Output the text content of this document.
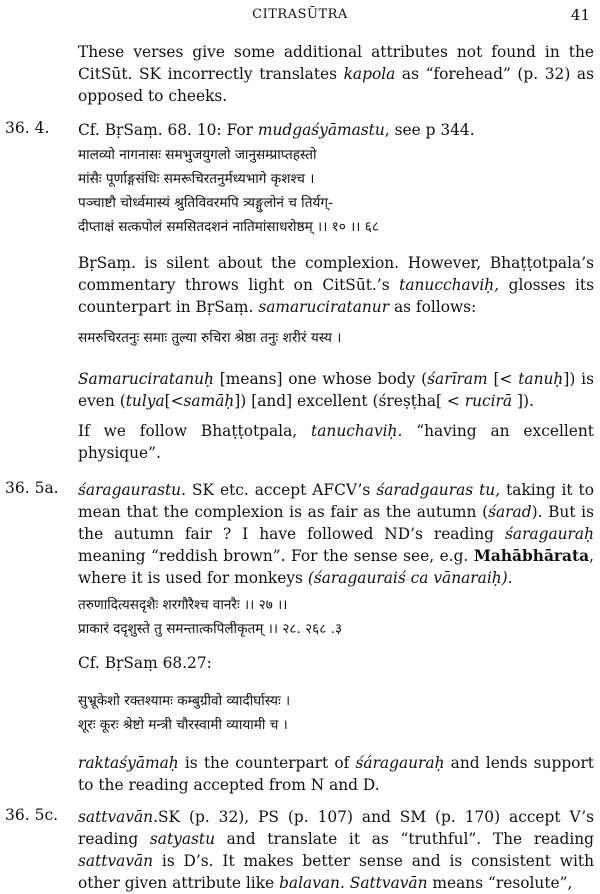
CITRASŪTRA	41

These verses give some additional attributes not found in the CitSūt. SK incorrectly translates kapola as “forehead” (p. 32) as opposed to cheeks.

36. 4. Cf. BṛSaṃ. 68. 10: For mudgaśyāmastu, see p 344.

मालव्यो नागनासः समभुजयुगलो जानुसम्प्राप्तहस्तो
मांसैः पूर्णाङ्गसंधिः समरूचिरतनुर्मध्यभागे कृशश्च ।
पञ्चाष्टौ चोर्ध्वमास्यं श्रुतिविवरमपि त्र्यङ्गुलोनं च तिर्यग्-
दीप्ताक्षं सत्कपोलं समसितदशनं नातिमांसाधरोष्ठम् ।। १० ।। ६८

BṛSaṃ. is silent about the complexion. However, Bhaṭṭotpala’s commentary throws light on CitSūt.’s tanucchaviḥ, glosses its counterpart in BṛSaṃ. samaruciratanur as follows:

समरुचिरतनुः समाः तुल्या रुचिरा श्रेष्ठा तनुः शरीरं यस्य ।

Samaruciratanuḥ [means] one whose body (śarīram [< tanuḥ]) is even (tulya[<samāḥ]) [and] excellent (śreṣṭha[ < rucirā ]).

If we follow Bhaṭṭotpala, tanuchaviḥ. “having an excellent physique”.

36. 5a. śaragaurastu. SK etc. accept AFCV’s śaradgauras tu, taking it to mean that the complexion is as fair as the autumn (śarad). But is the autumn fair ? I have followed ND’s reading śaragauraḥ meaning “reddish brown”. For the sense see, e.g. Mahābhārata, where it is used for monkeys (śaragauraiś ca vānaraiḥ).

तरुणादित्यसदृशैः शरगौरैश्च वानरैः ।। २७ ।।
प्राकारं ददृशुस्ते तु समन्तात्कपिलीकृतम् ।। २८. २६८ .३

Cf. BṛSaṃ 68.27:

सुभ्रूकेशो रक्तश्यामः कम्बुग्रीवो व्यादीर्घास्यः ।
शूरः कूरः श्रेष्टो मन्त्री चौरस्वामी व्यायामी च ।

raktaśyāmaḥ is the counterpart of śáragauraḥ and lends support to the reading accepted from N and D.

36. 5c. sattvavān.SK (p. 32), PS (p. 107) and SM (p. 170) accept V’s reading satyastu and translate it as “truthful”. The reading sattvavān is D’s. It makes better sense and is consistent with other given attribute like balavan. Sattvavān means “resolute”,
